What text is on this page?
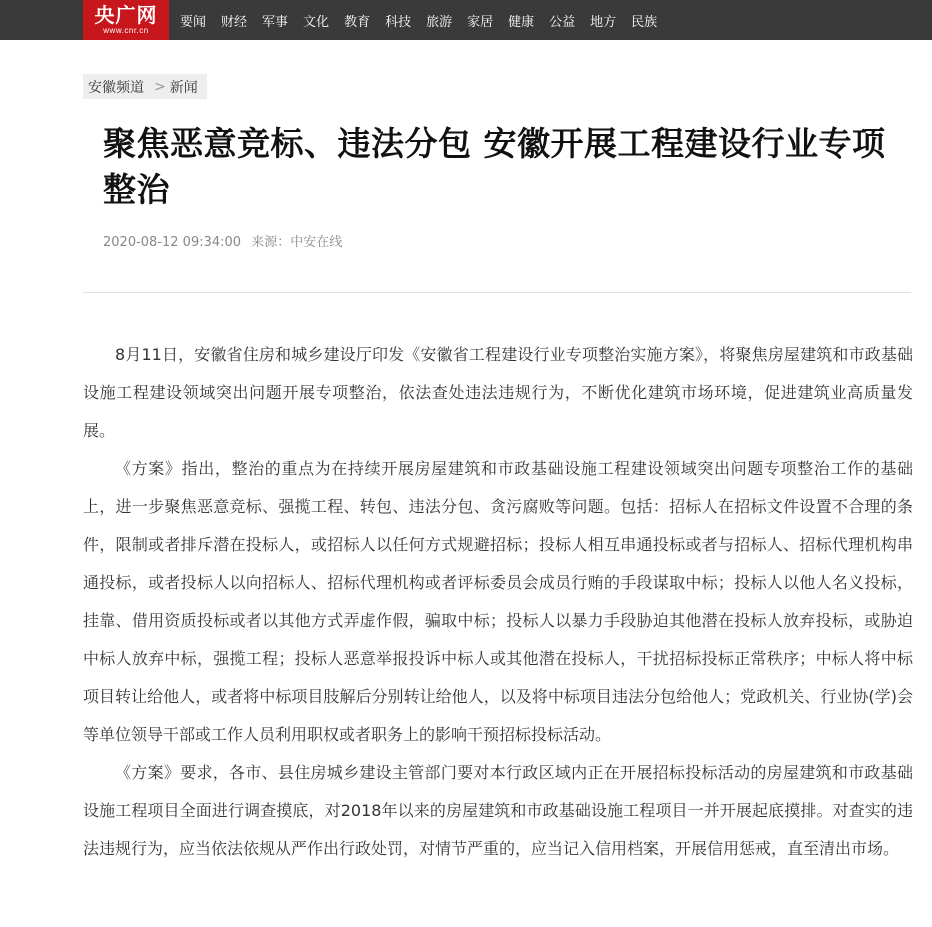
央广网
www.cnr.cn
要闻 财经 军事 文化 教育 科技 旅游 家居 健康 公益 地方 民族
安徽频道 > 新闻
聚焦恶意竞标、违法分包 安徽开展工程建设行业专项整治
2020-08-12 09:34:00 来源：中安在线

8月11日，安徽省住房和城乡建设厅印发《安徽省工程建设行业专项整治实施方案》，将聚焦房屋建筑和市政基础设施工程建设领域突出问题开展专项整治，依法查处违法违规行为，不断优化建筑市场环境，促进建筑业高质量发展。

《方案》指出，整治的重点为在持续开展房屋建筑和市政基础设施工程建设领域突出问题专项整治工作的基础上，进一步聚焦恶意竞标、强揽工程、转包、违法分包、贪污腐败等问题。包括：招标人在招标文件设置不合理的条件，限制或者排斥潜在投标人，或招标人以任何方式规避招标；投标人相互串通投标或者与招标人、招标代理机构串通投标，或者投标人以向招标人、招标代理机构或者评标委员会成员行贿的手段谋取中标；投标人以他人名义投标，挂靠、借用资质投标或者以其他方式弄虚作假，骗取中标；投标人以暴力手段胁迫其他潜在投标人放弃投标，或胁迫中标人放弃中标，强揽工程；投标人恶意举报投诉中标人或其他潜在投标人，干扰招标投标正常秩序；中标人将中标项目转让给他人，或者将中标项目肢解后分别转让给他人，以及将中标项目违法分包给他人；党政机关、行业协(学)会等单位领导干部或工作人员利用职权或者职务上的影响干预招标投标活动。

《方案》要求，各市、县住房城乡建设主管部门要对本行政区域内正在开展招标投标活动的房屋建筑和市政基础设施工程项目全面进行调查摸底，对2018年以来的房屋建筑和市政基础设施工程项目一并开展起底摸排。对查实的违法违规行为，应当依法依规从严作出行政处罚，对情节严重的，应当记入信用档案，开展信用惩戒，直至清出市场。
